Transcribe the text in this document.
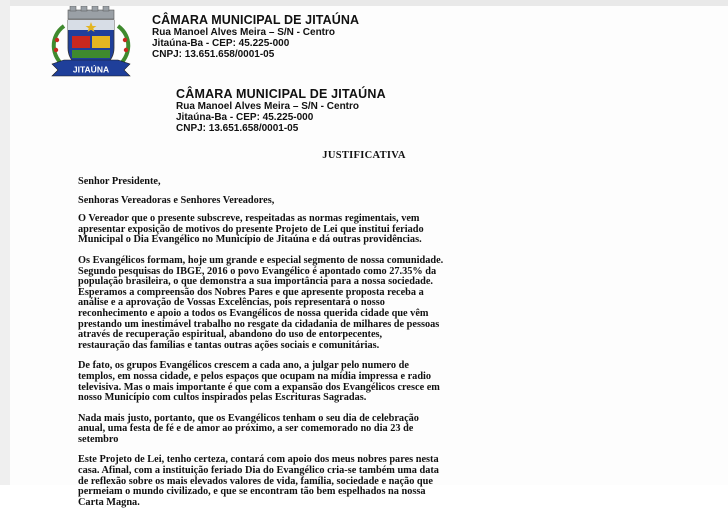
JITAÚNA
CÂMARA MUNICIPAL DE JITAÚNA
Rua Manoel Alves Meira – S/N - Centro
Jitaúna-Ba - CEP: 45.225-000
CNPJ: 13.651.658/0001-05
CÂMARA MUNICIPAL DE JITAÚNA
Rua Manoel Alves Meira – S/N - Centro
Jitaúna-Ba - CEP: 45.225-000
CNPJ: 13.651.658/0001-05
JUSTIFICATIVA

Senhor Presidente,

Senhoras Vereadoras e Senhores Vereadores,

O Vereador que o presente subscreve, respeitadas as normas regimentais, vem
apresentar exposição de motivos do presente Projeto de Lei que institui feriado
Municipal o Dia Evangélico no Município de Jitaúna e dá outras providências.

Os Evangélicos formam, hoje um grande e especial segmento de nossa comunidade.
Segundo pesquisas do IBGE, 2016 o povo Evangélico é apontado como 27.35% da
população brasileira, o que demonstra a sua importância para a nossa sociedade.
Esperamos a compreensão dos Nobres Pares e que apresente proposta receba a
análise e a aprovação de Vossas Excelências, pois representará o nosso
reconhecimento e apoio a todos os Evangélicos de nossa querida cidade que vêm
prestando um inestimável trabalho no resgate da cidadania de milhares de pessoas
através de recuperação espiritual, abandono do uso de entorpecentes,
restauração das famílias e tantas outras ações sociais e comunitárias.

De fato, os grupos Evangélicos crescem a cada ano, a julgar pelo numero de
templos, em nossa cidade, e pelos espaços que ocupam na mídia impressa e radio
televisiva. Mas o mais importante é que com a expansão dos Evangélicos cresce em
nosso Município com cultos inspirados pelas Escrituras Sagradas.

Nada mais justo, portanto, que os Evangélicos tenham o seu dia de celebração
anual, uma festa de fé e de amor ao próximo, a ser comemorado no dia 23 de
setembro

Este Projeto de Lei, tenho certeza, contará com apoio dos meus nobres pares nesta
casa. Afinal, com a instituição feriado Dia do Evangélico cria-se também uma data
de reflexão sobre os mais elevados valores de vida, família, sociedade e nação que
permeiam o mundo civilizado, e que se encontram tão bem espelhados na nossa
Carta Magna.
